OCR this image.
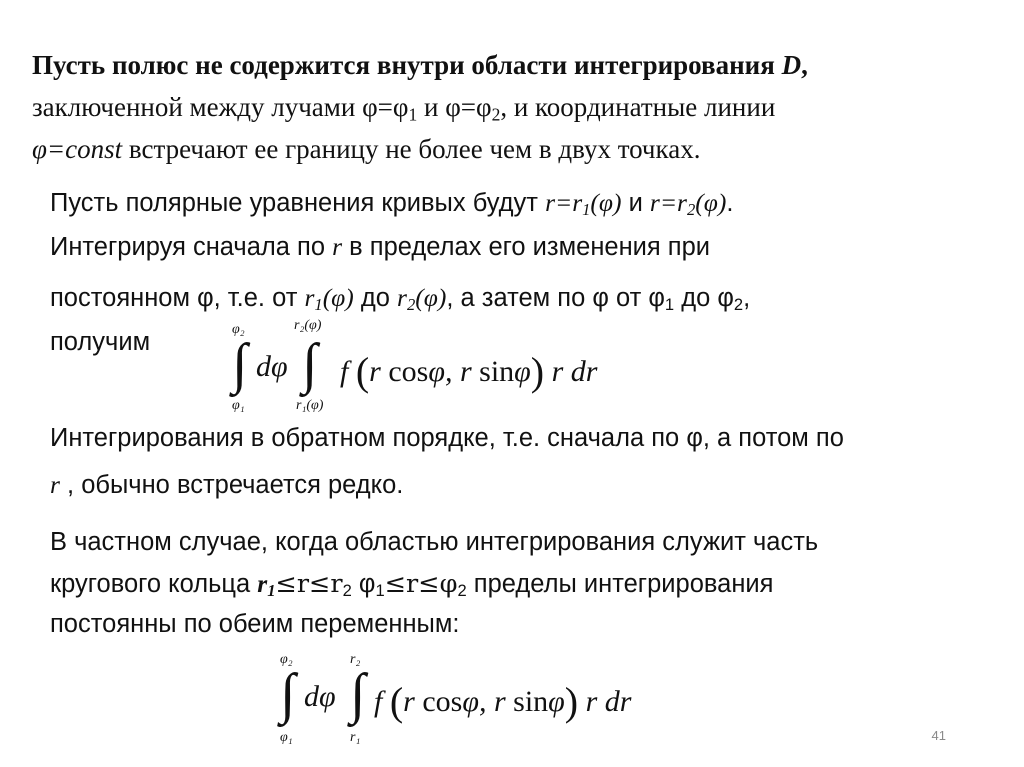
Пусть полюс не содержится внутри области интегрирования D,
заключенной между лучами $\varphi=\varphi_1$ и $\varphi=\varphi_2$, и координатные линии
φ=const встречают ее границу не более чем в двух точках.
Пусть полярные уравнения кривых будут $r=r_1(\varphi)$ и $r=r_2(\varphi)$.
Интегрируя сначала по r в пределах его изменения при
постоянном φ, т.е. от $r_1(\varphi)$ до $r_2(\varphi)$, а затем по φ от $\varphi_1$ до $\varphi_2$,
получим	φ₂
∫
φ₁
dφ
r₂(φ)
∫
r₁(φ)
f (r cosφ, r sinφ) r dr
Интегрирования в обратном порядке, т.е. сначала по φ, а потом по
r , обычно встречается редко.
В частном случае, когда областью интегрирования служит часть
кругового кольца $r_1\le r\le r_2$ $\varphi_1\le r\le\varphi_2$ пределы интегрирования
постоянны по обеим переменным:
φ₂
∫
φ₁
dφ
r₂
∫
r₁
f (r cosφ, r sinφ) r dr
41
